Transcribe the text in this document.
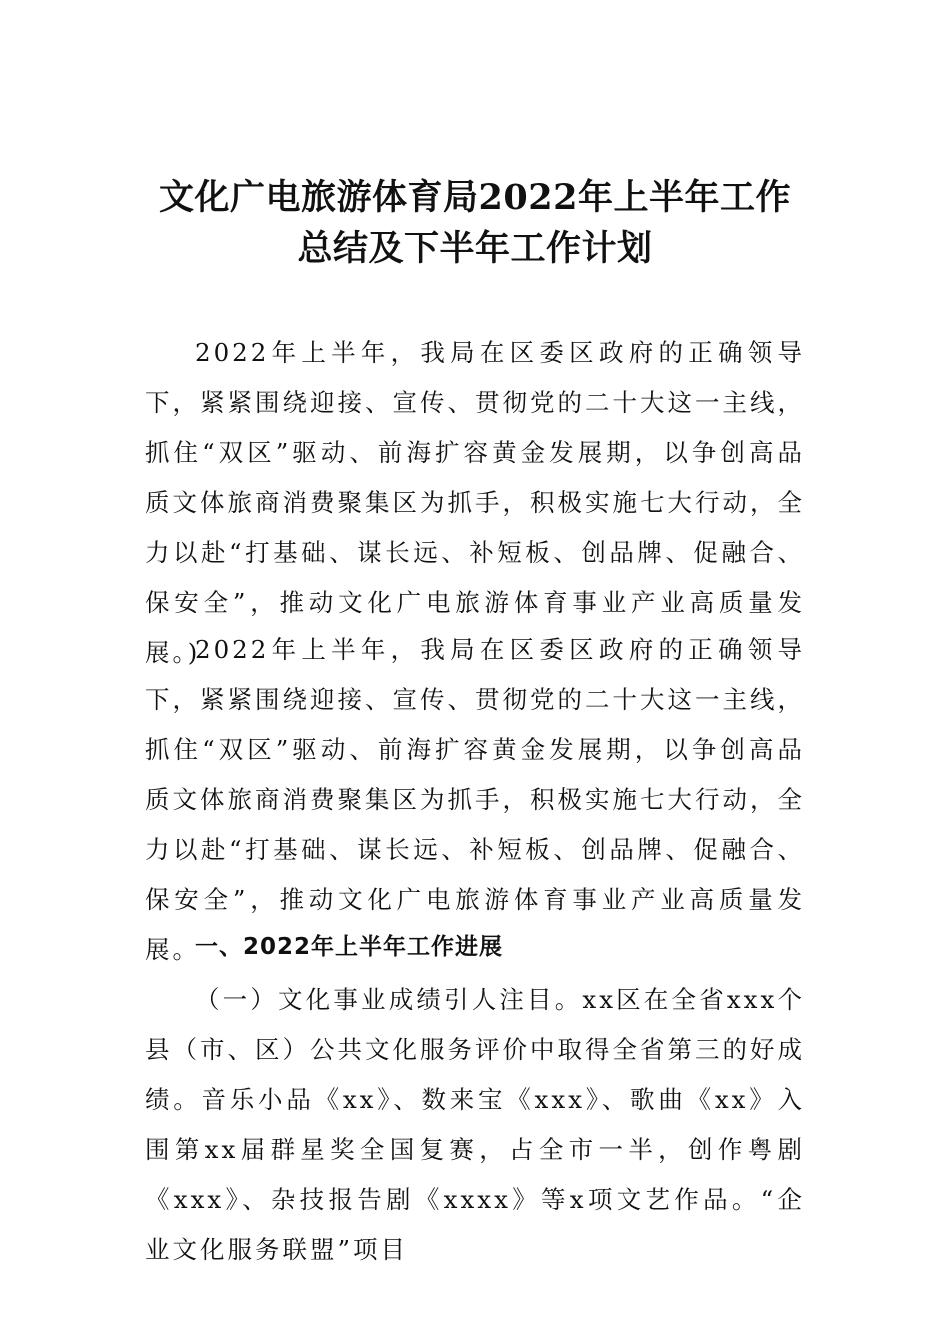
文化广电旅游体育局2022年上半年工作总结及下半年工作计划

2022年上半年，我局在区委区政府的正确领导下，紧紧围绕迎接、宣传、贯彻党的二十大这一主线，抓住“双区”驱动、前海扩容黄金发展期，以争创高品质文体旅商消费聚集区为抓手，积极实施七大行动，全力以赴“打基础、谋长远、补短板、创品牌、促融合、保安全”，推动文化广电旅游体育事业产业高质量发展。)

2022年上半年，我局在区委区政府的正确领导下，紧紧围绕迎接、宣传、贯彻党的二十大这一主线，抓住“双区”驱动、前海扩容黄金发展期，以争创高品质文体旅商消费聚集区为抓手，积极实施七大行动，全力以赴“打基础、谋长远、补短板、创品牌、促融合、保安全”，推动文化广电旅游体育事业产业高质量发展。

一、2022年上半年工作进展

（一）文化事业成绩引人注目。xx区在全省xxx个县（市、区）公共文化服务评价中取得全省第三的好成绩。音乐小品《xx》、数来宝《xxx》、歌曲《xx》入围第xx届群星奖全国复赛，占全市一半，创作粤剧《xxx》、杂技报告剧《xxxx》等x项文艺作品。“企业文化服务联盟”项目
